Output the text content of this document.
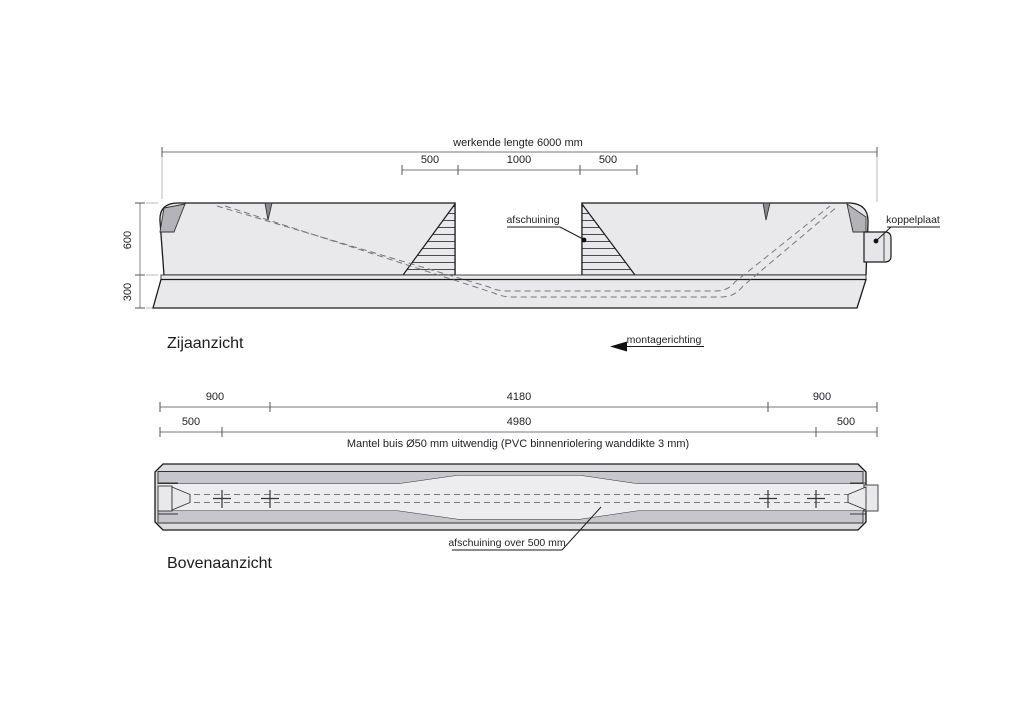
werkende lengte 6000 mm
500	1000	500
600
300
afschuining	koppelplaat
Zijaanzicht	montagerichting
900	4180	900
500	4980	500
Mantel buis Ø50 mm uitwendig (PVC binnenriolering wanddikte 3 mm)
afschuining over 500 mm
Bovenaanzicht
